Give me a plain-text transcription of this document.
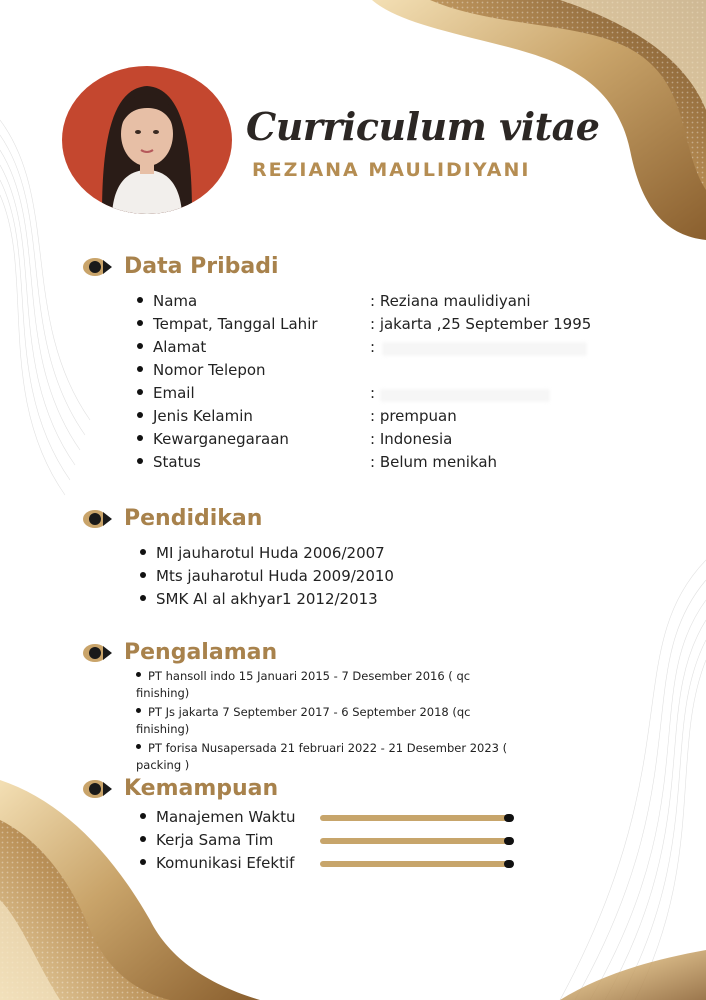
Curriculum vitae
REZIANA MAULIDIYANI
Data Pribadi
Nama	: Reziana maulidiyani
Tempat, Tanggal Lahir	: jakarta ,25 September 1995
Alamat	:
Nomor Telepon
Email	:
Jenis Kelamin	: prempuan
Kewarganegaraan	: Indonesia
Status	: Belum menikah
Pendidikan
MI jauharotul Huda 2006/2007
Mts jauharotul Huda 2009/2010
SMK Al al akhyar1 2012/2013
Pengalaman
PT hansoll indo 15 Januari 2015 - 7 Desember 2016 ( qc finishing)
PT Js jakarta 7 September 2017 - 6 September 2018 (qc finishing)
PT forisa Nusapersada 21 februari 2022 - 21 Desember 2023 ( packing )
Kemampuan
Manajemen Waktu
Kerja Sama Tim
Komunikasi Efektif
